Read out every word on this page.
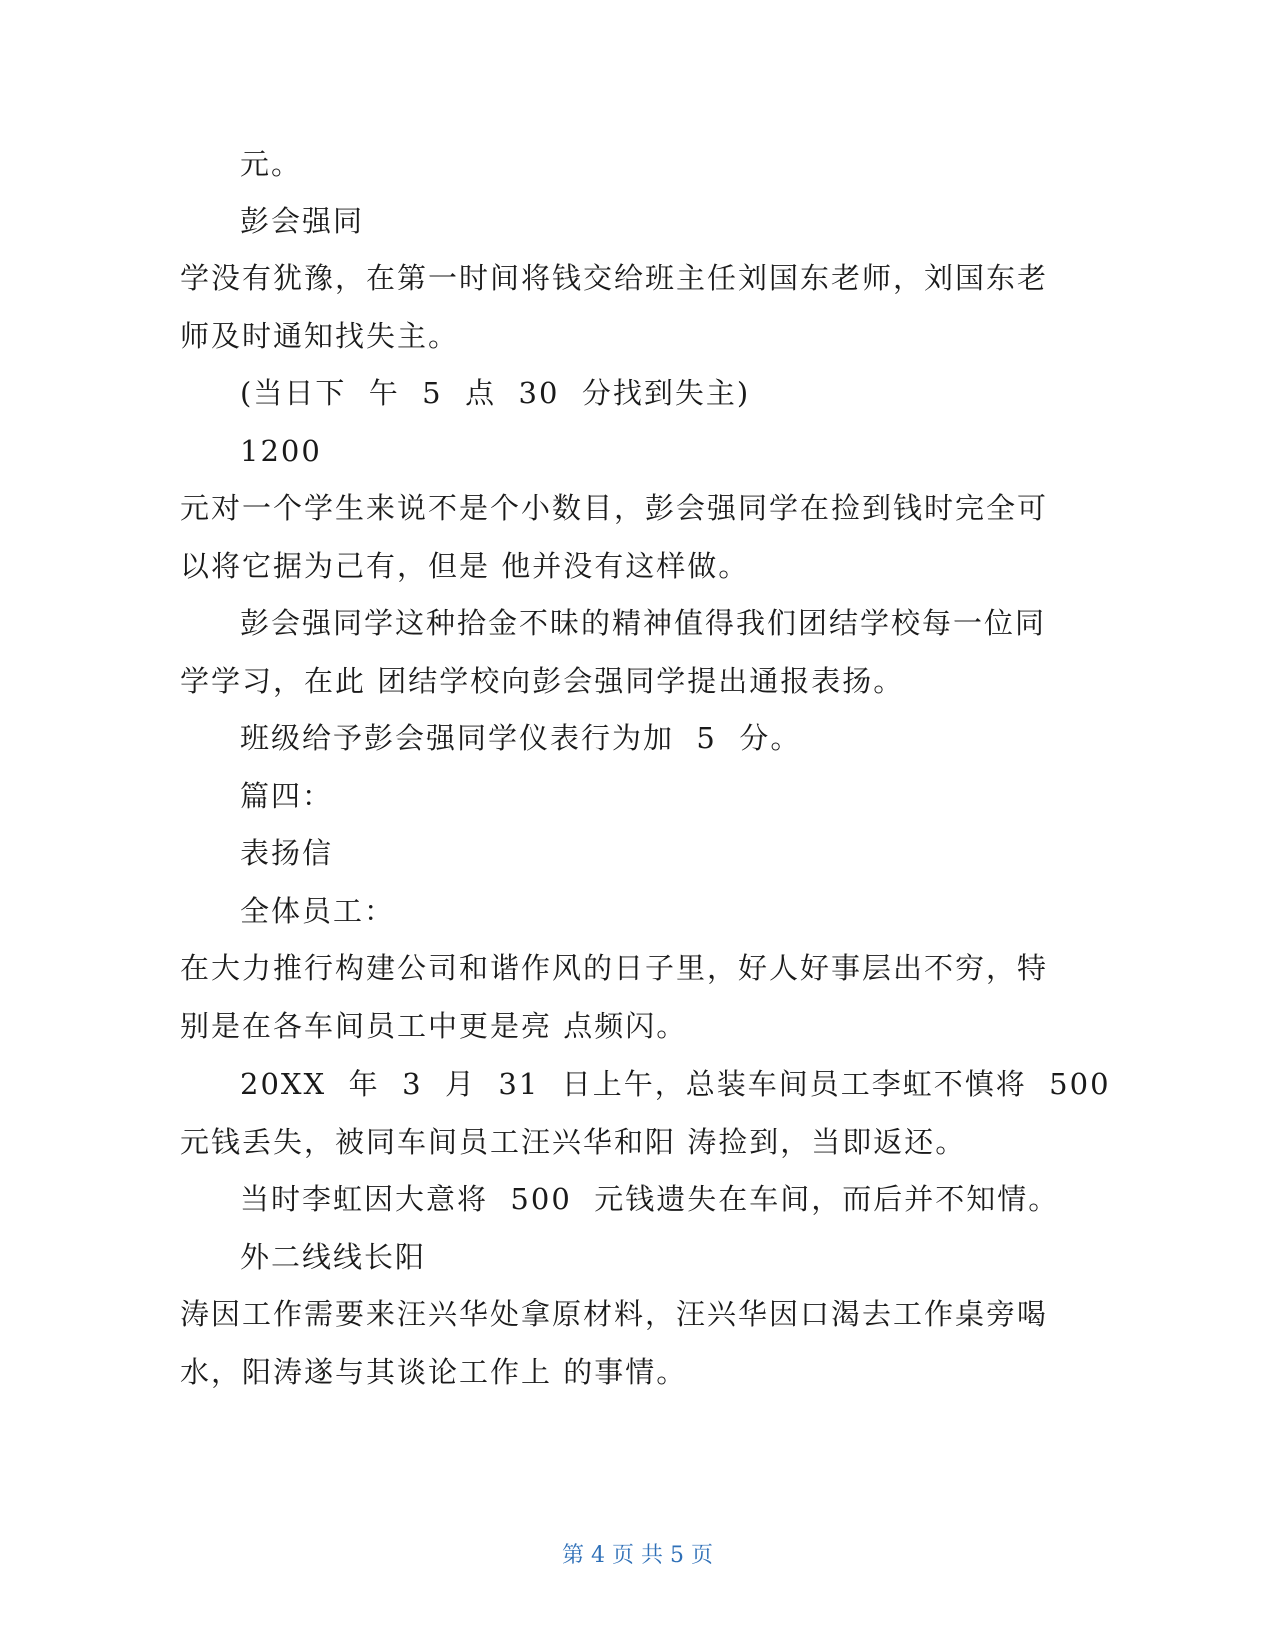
元。
彭会强同
学没有犹豫，在第一时间将钱交给班主任刘国东老师，刘国东老
师及时通知找失主。
(当日下  午  5  点  30  分找到失主)
1200
元对一个学生来说不是个小数目，彭会强同学在捡到钱时完全可
以将它据为己有，但是 他并没有这样做。
彭会强同学这种拾金不昧的精神值得我们团结学校每一位同
学学习，在此 团结学校向彭会强同学提出通报表扬。
班级给予彭会强同学仪表行为加  5  分。
篇四：
表扬信
全体员工：
在大力推行构建公司和谐作风的日子里，好人好事层出不穷，特
别是在各车间员工中更是亮 点频闪。
20XX  年  3  月  31  日上午，总装车间员工李虹不慎将  500
元钱丢失，被同车间员工汪兴华和阳 涛捡到，当即返还。
当时李虹因大意将  500  元钱遗失在车间，而后并不知情。
外二线线长阳
涛因工作需要来汪兴华处拿原材料，汪兴华因口渴去工作桌旁喝
水，阳涛遂与其谈论工作上 的事情。
第 4 页 共 5 页
